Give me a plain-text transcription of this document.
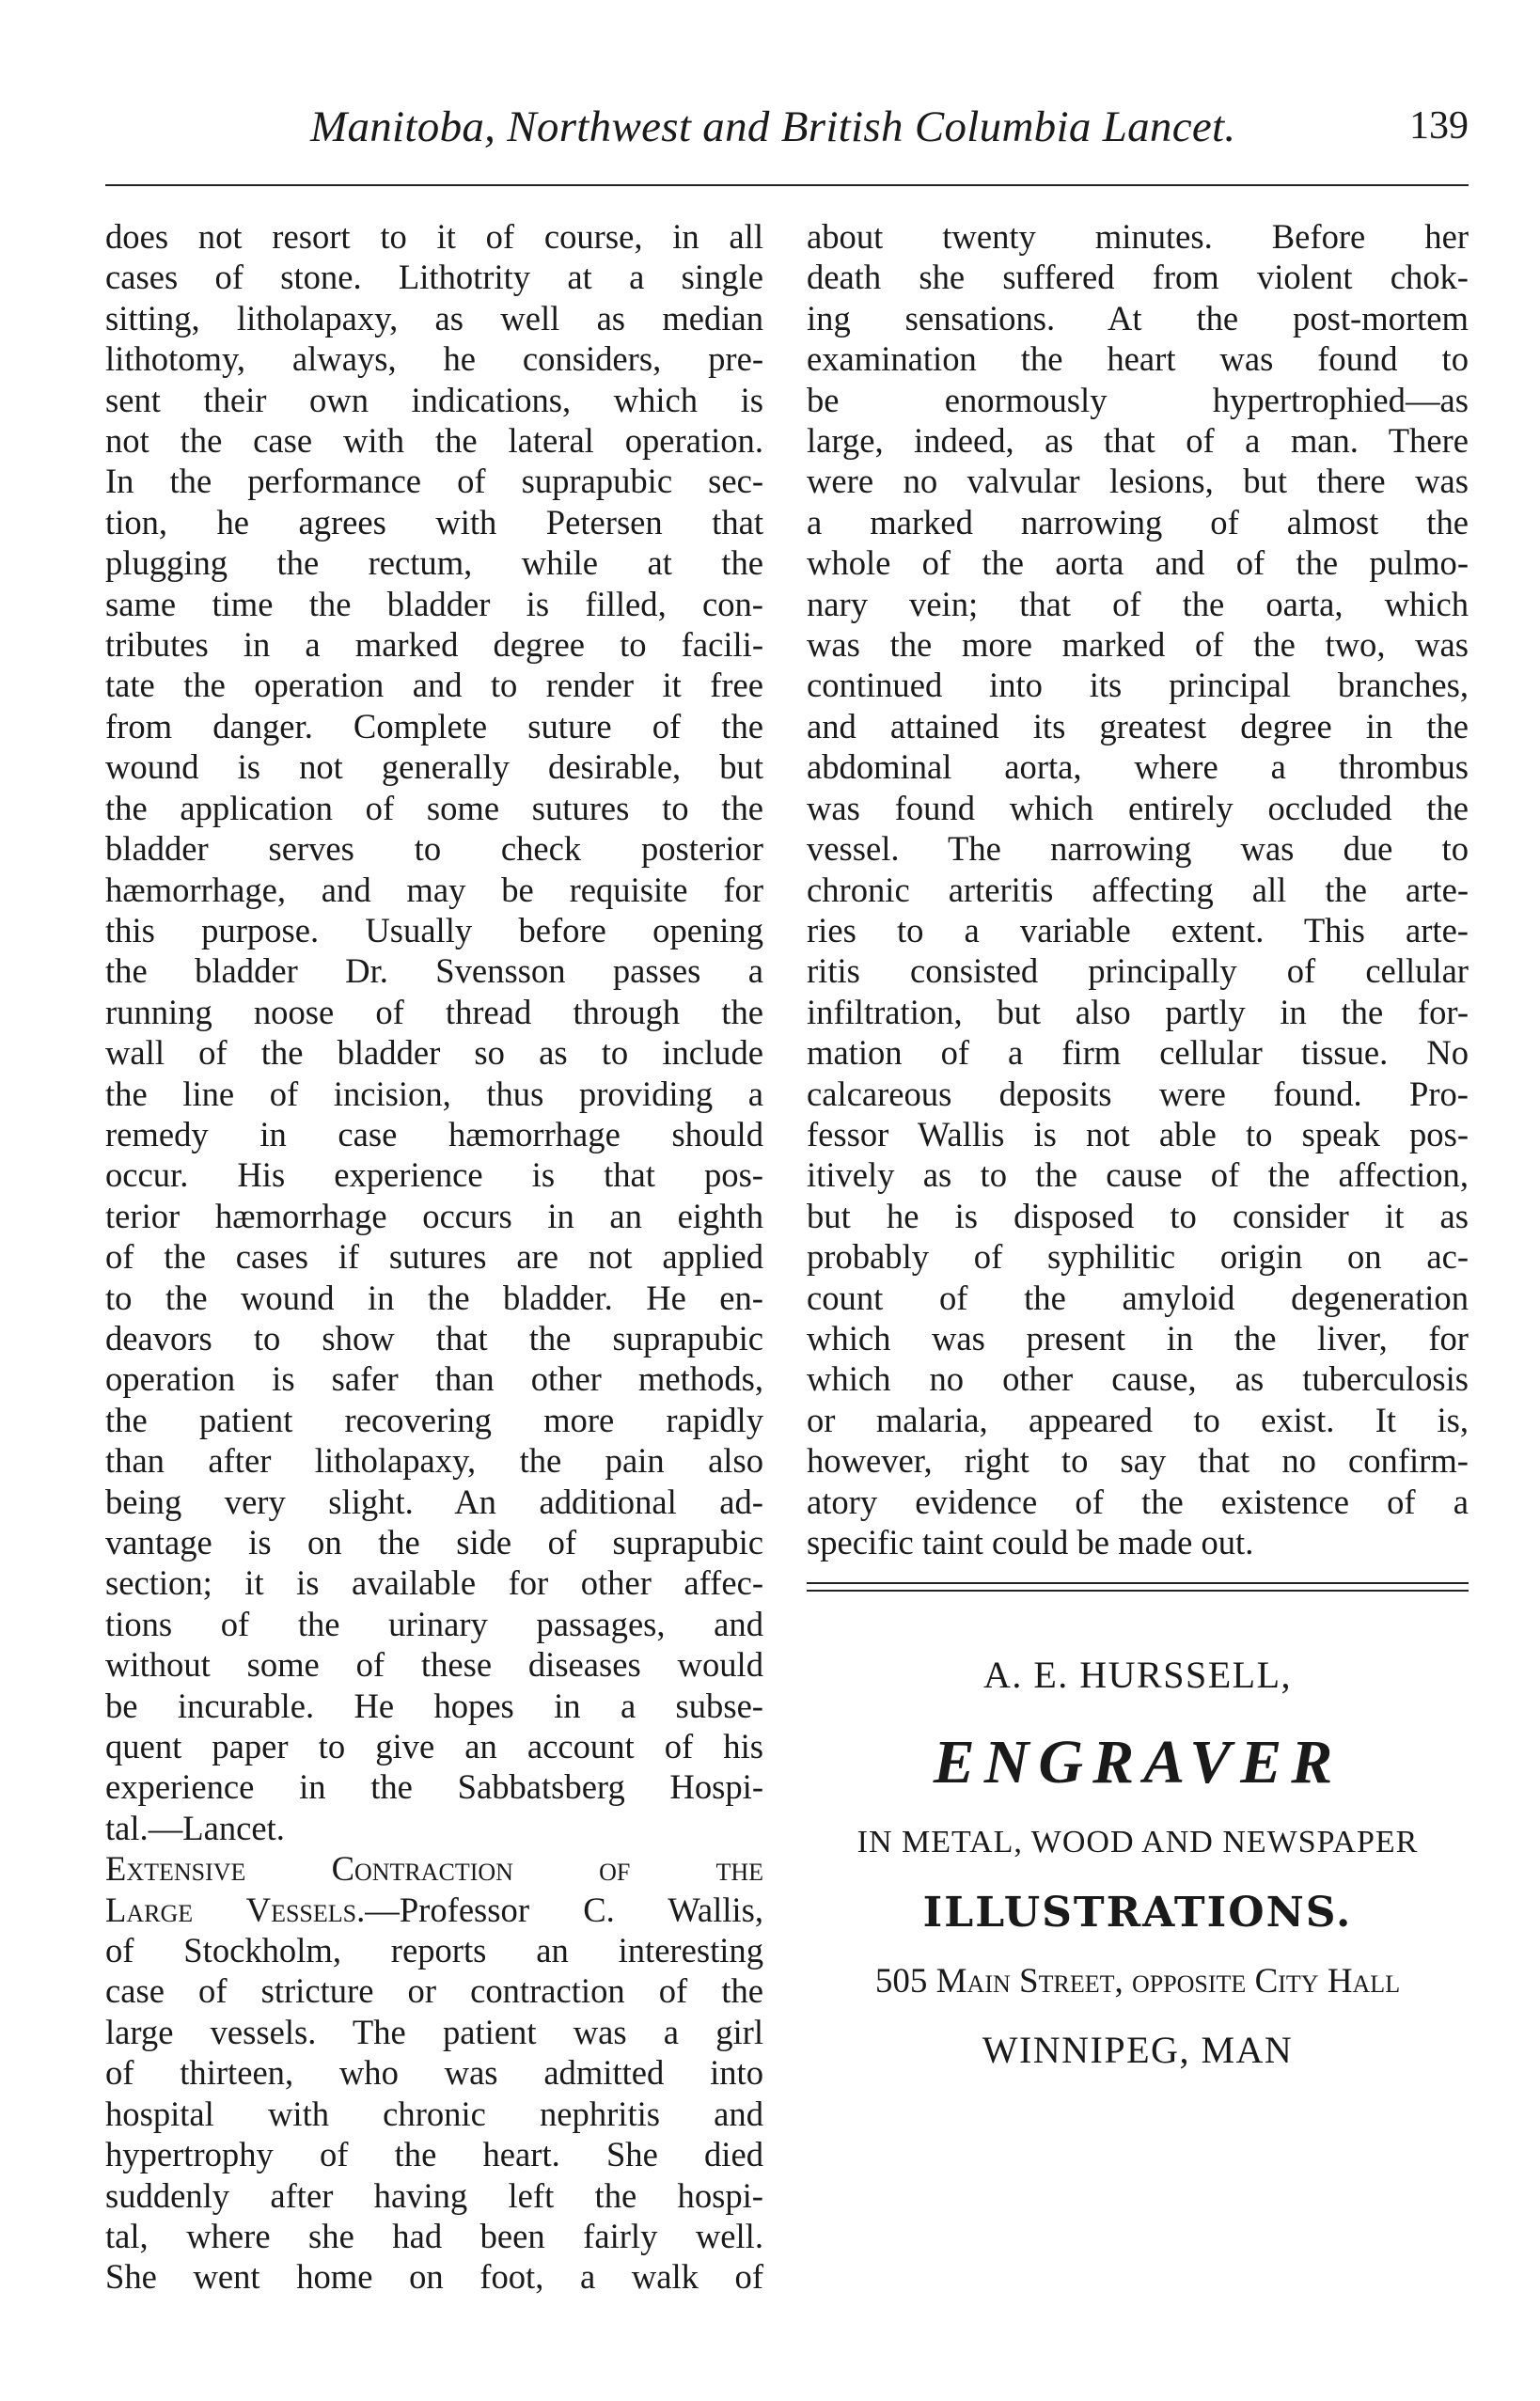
Manitoba, Northwest and British Columbia Lancet.	139
does not resort to it of course, in all
cases of stone. Lithotrity at a single
sitting, litholapaxy, as well as median
lithotomy, always, he considers, pre-
sent their own indications, which is
not the case with the lateral operation.
In the performance of suprapubic sec-
tion, he agrees with Petersen that
plugging the rectum, while at the
same time the bladder is filled, con-
tributes in a marked degree to facili-
tate the operation and to render it free
from danger. Complete suture of the
wound is not generally desirable, but
the application of some sutures to the
bladder serves to check posterior
hæmorrhage, and may be requisite for
this purpose. Usually before opening
the bladder Dr. Svensson passes a
running noose of thread through the
wall of the bladder so as to include
the line of incision, thus providing a
remedy in case hæmorrhage should
occur. His experience is that pos-
terior hæmorrhage occurs in an eighth
of the cases if sutures are not applied
to the wound in the bladder. He en-
deavors to show that the suprapubic
operation is safer than other methods,
the patient recovering more rapidly
than after litholapaxy, the pain also
being very slight. An additional ad-
vantage is on the side of suprapubic
section; it is available for other affec-
tions of the urinary passages, and
without some of these diseases would
be incurable. He hopes in a subse-
quent paper to give an account of his
experience in the Sabbatsberg Hospi-
tal.—Lancet.
Extensive Contraction of the
Large Vessels.—Professor C. Wallis,
of Stockholm, reports an interesting
case of stricture or contraction of the
large vessels. The patient was a girl
of thirteen, who was admitted into
hospital with chronic nephritis and
hypertrophy of the heart. She died
suddenly after having left the hospi-
tal, where she had been fairly well.
She went home on foot, a walk of
about twenty minutes. Before her
death she suffered from violent chok-
ing sensations. At the post-mortem
examination the heart was found to
be enormously hypertrophied—as
large, indeed, as that of a man. There
were no valvular lesions, but there was
a marked narrowing of almost the
whole of the aorta and of the pulmo-
nary vein; that of the oarta, which
was the more marked of the two, was
continued into its principal branches,
and attained its greatest degree in the
abdominal aorta, where a thrombus
was found which entirely occluded the
vessel. The narrowing was due to
chronic arteritis affecting all the arte-
ries to a variable extent. This arte-
ritis consisted principally of cellular
infiltration, but also partly in the for-
mation of a firm cellular tissue. No
calcareous deposits were found. Pro-
fessor Wallis is not able to speak pos-
itively as to the cause of the affection,
but he is disposed to consider it as
probably of syphilitic origin on ac-
count of the amyloid degeneration
which was present in the liver, for
which no other cause, as tuberculosis
or malaria, appeared to exist. It is,
however, right to say that no confirm-
atory evidence of the existence of a
specific taint could be made out.
A. E. HURSSELL,
ENGRAVER
IN METAL, WOOD AND NEWSPAPER
ILLUSTRATIONS.
505 Main Street, opposite City Hall
WINNIPEG, MAN
